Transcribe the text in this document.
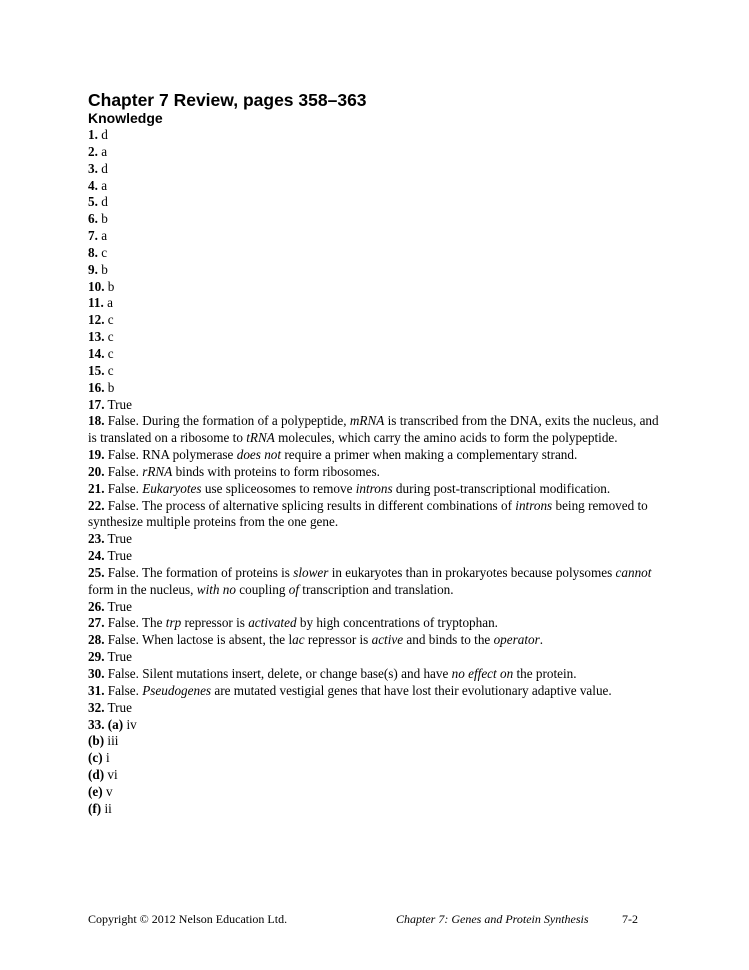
Chapter 7 Review, pages 358–363
Knowledge

1. d

2. a

3. d

4. a

5. d

6. b

7. a

8. c

9. b

10. b

11. a

12. c

13. c

14. c

15. c

16. b

17. True

18. False. During the formation of a polypeptide, mRNA is transcribed from the DNA, exits the nucleus, and is translated on a ribosome to tRNA molecules, which carry the amino acids to form the polypeptide.

19. False. RNA polymerase does not require a primer when making a complementary strand.

20. False. rRNA binds with proteins to form ribosomes.

21. False. Eukaryotes use spliceosomes to remove introns during post-transcriptional modification.

22. False. The process of alternative splicing results in different combinations of introns being removed to synthesize multiple proteins from the one gene.

23. True

24. True

25. False. The formation of proteins is slower in eukaryotes than in prokaryotes because polysomes cannot form in the nucleus, with no coupling of transcription and translation.

26. True

27. False. The trp repressor is activated by high concentrations of tryptophan.

28. False. When lactose is absent, the lac repressor is active and binds to the operator.

29. True

30. False. Silent mutations insert, delete, or change base(s) and have no effect on the protein.

31. False. Pseudogenes are mutated vestigial genes that have lost their evolutionary adaptive value.

32. True

33. (a) iv

(b) iii

(c) i

(d) vi

(e) v

(f) ii

Copyright © 2012 Nelson Education Ltd.	Chapter 7: Genes and Protein Synthesis	7-2
